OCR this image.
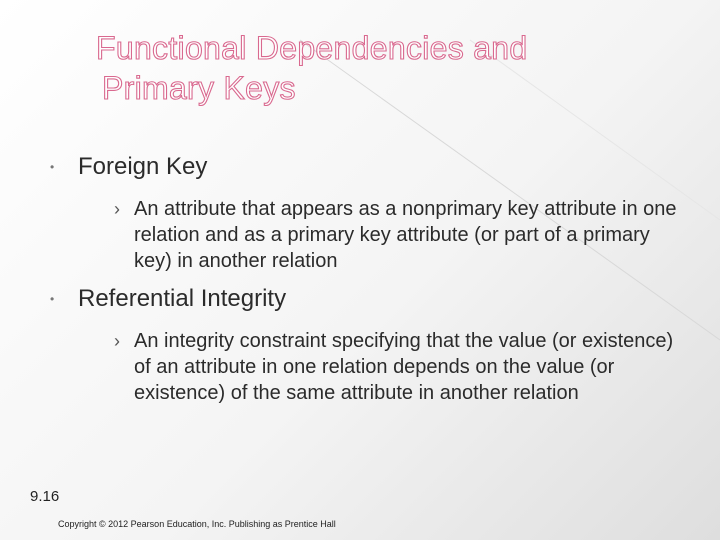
Functional Dependencies and
Primary Keys
• Foreign Key
› An attribute that appears as a nonprimary key attribute in one relation and as a primary key attribute (or part of a primary key) in another relation
• Referential Integrity
› An integrity constraint specifying that the value (or existence) of an attribute in one relation depends on the value (or existence) of the same attribute in another relation
9.16
Copyright © 2012 Pearson Education, Inc. Publishing as Prentice Hall
